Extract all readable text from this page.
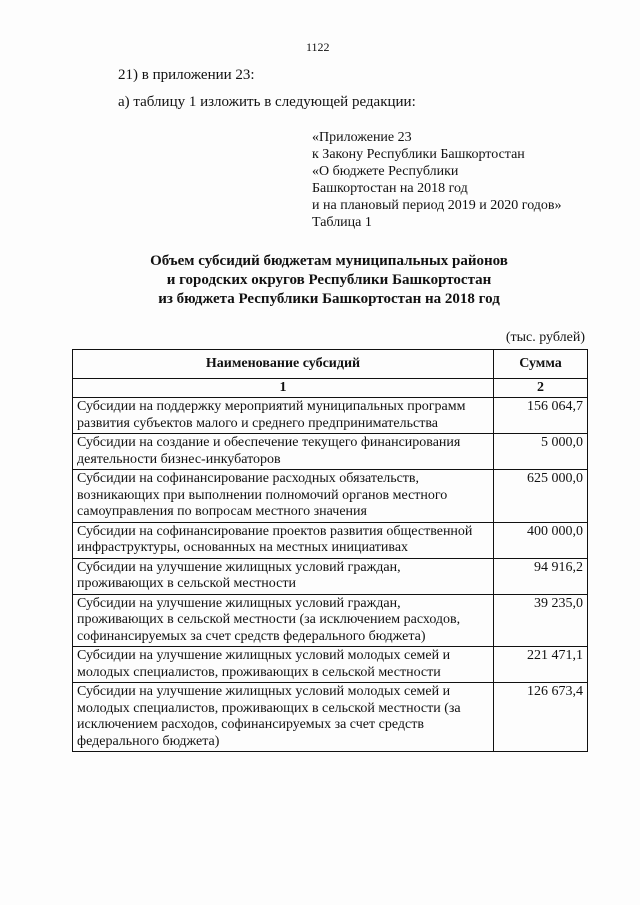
1122
21) в приложении 23:
а) таблицу 1 изложить в следующей редакции:
«Приложение 23
к Закону Республики Башкортостан
«О бюджете Республики
Башкортостан на 2018 год
и на плановый период 2019 и 2020 годов»
Таблица 1
Объем субсидий бюджетам муниципальных районов
и городских округов Республики Башкортостан
из бюджета Республики Башкортостан на 2018 год
(тыс. рублей)
Наименование субсидий	Сумма
1	2
Субсидии на поддержку мероприятий муниципальных программ развития субъектов малого и среднего предпринимательства	156 064,7
Субсидии на создание и обеспечение текущего финансирования деятельности бизнес-инкубаторов	5 000,0
Субсидии на софинансирование расходных обязательств, возникающих при выполнении полномочий органов местного самоуправления по вопросам местного значения	625 000,0
Субсидии на софинансирование проектов развития общественной инфраструктуры, основанных на местных инициативах	400 000,0
Субсидии на улучшение жилищных условий граждан, проживающих в сельской местности	94 916,2
Субсидии на улучшение жилищных условий граждан, проживающих в сельской местности (за исключением расходов, софинансируемых за счет средств федерального бюджета)	39 235,0
Субсидии на улучшение жилищных условий молодых семей и молодых специалистов, проживающих в сельской местности	221 471,1
Субсидии на улучшение жилищных условий молодых семей и молодых специалистов, проживающих в сельской местности (за исключением расходов, софинансируемых за счет средств федерального бюджета)	126 673,4
